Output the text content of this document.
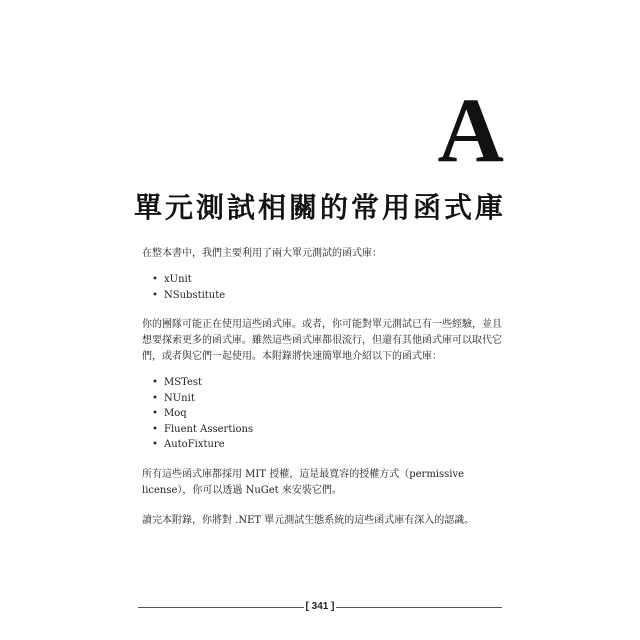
A
單元測試相關的常用函式庫

在整本書中，我們主要利用了兩大單元測試的函式庫：

• xUnit
• NSubstitute

你的團隊可能正在使用這些函式庫。或者，你可能對單元測試已有一些經驗，並且想要探索更多的函式庫。雖然這些函式庫都很流行，但還有其他函式庫可以取代它們，或者與它們一起使用。本附錄將快速簡單地介紹以下的函式庫：

• MSTest
• NUnit
• Moq
• Fluent Assertions
• AutoFixture

所有這些函式庫都採用 MIT 授權，這是最寬容的授權方式（permissive license），你可以透過 NuGet 來安裝它們。

讀完本附錄，你將對 .NET 單元測試生態系統的這些函式庫有深入的認識。

[ 341 ]
